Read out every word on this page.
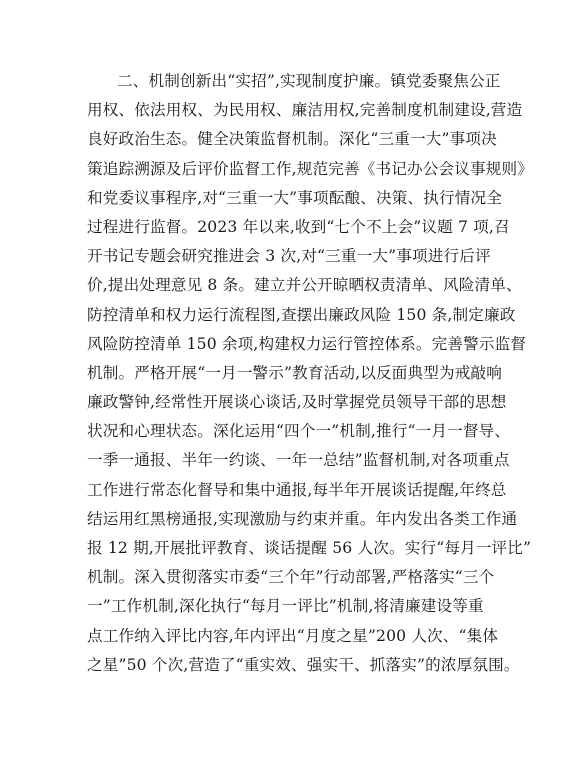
二、机制创新出“实招”,实现制度护廉。镇党委聚焦公正
用权、依法用权、为民用权、廉洁用权,完善制度机制建设,营造
良好政治生态。健全决策监督机制。深化“三重一大”事项决
策追踪溯源及后评价监督工作,规范完善《书记办公会议事规则》
和党委议事程序,对“三重一大”事项酝酿、决策、执行情况全
过程进行监督。2023 年以来,收到“七个不上会”议题 7 项,召
开书记专题会研究推进会 3 次,对“三重一大”事项进行后评
价,提出处理意见 8 条。建立并公开晾晒权责清单、风险清单、
防控清单和权力运行流程图,查摆出廉政风险 150 条,制定廉政
风险防控清单 150 余项,构建权力运行管控体系。完善警示监督
机制。严格开展“一月一警示”教育活动,以反面典型为戒敲响
廉政警钟,经常性开展谈心谈话,及时掌握党员领导干部的思想
状况和心理状态。深化运用“四个一”机制,推行“一月一督导、
一季一通报、半年一约谈、一年一总结”监督机制,对各项重点
工作进行常态化督导和集中通报,每半年开展谈话提醒,年终总
结运用红黑榜通报,实现激励与约束并重。年内发出各类工作通
报 12 期,开展批评教育、谈话提醒 56 人次。实行“每月一评比”
机制。深入贯彻落实市委“三个年”行动部署,严格落实“三个
一”工作机制,深化执行“每月一评比”机制,将清廉建设等重
点工作纳入评比内容,年内评出“月度之星”200 人次、“集体
之星”50 个次,营造了“重实效、强实干、抓落实”的浓厚氛围。
